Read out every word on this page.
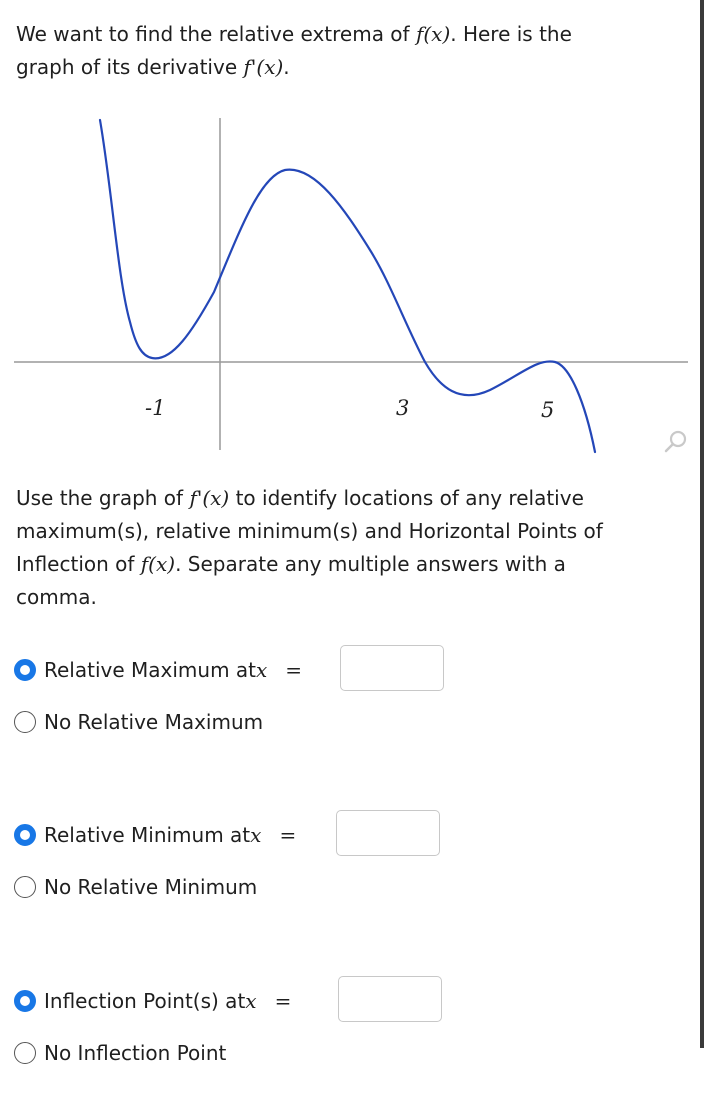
We want to find the relative extrema of f(x). Here is the
graph of its derivative f'(x).

-1	3	5

Use the graph of f'(x) to identify locations of any relative
maximum(s), relative minimum(s) and Horizontal Points of
Inflection of f(x). Separate any multiple answers with a
comma.

Relative Maximum at x =
No Relative Maximum
Relative Minimum at x =
No Relative Minimum
Inflection Point(s) at x =
No Inflection Point
